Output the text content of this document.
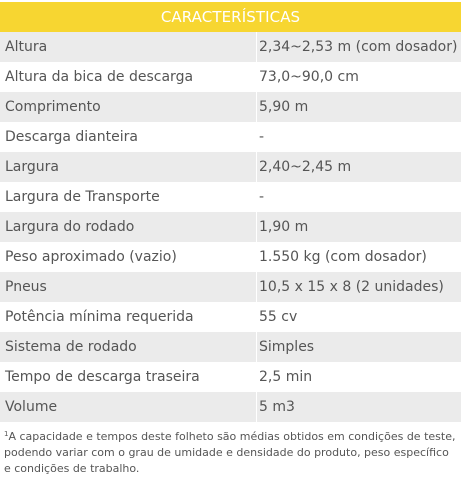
CARACTERÍSTICAS
Altura	2,34~2,53 m (com dosador)
Altura da bica de descarga	73,0~90,0 cm
Comprimento	5,90 m
Descarga dianteira	-
Largura	2,40~2,45 m
Largura de Transporte	-
Largura do rodado	1,90 m
Peso aproximado (vazio)	1.550 kg (com dosador)
Pneus	10,5 x 15 x 8 (2 unidades)
Potência mínima requerida	55 cv
Sistema de rodado	Simples
Tempo de descarga traseira	2,5 min
Volume	5 m3
$^1$A capacidade e tempos deste folheto são médias obtidos em condições de teste, podendo variar com o grau de umidade e densidade do produto, peso específico e condições de trabalho.
